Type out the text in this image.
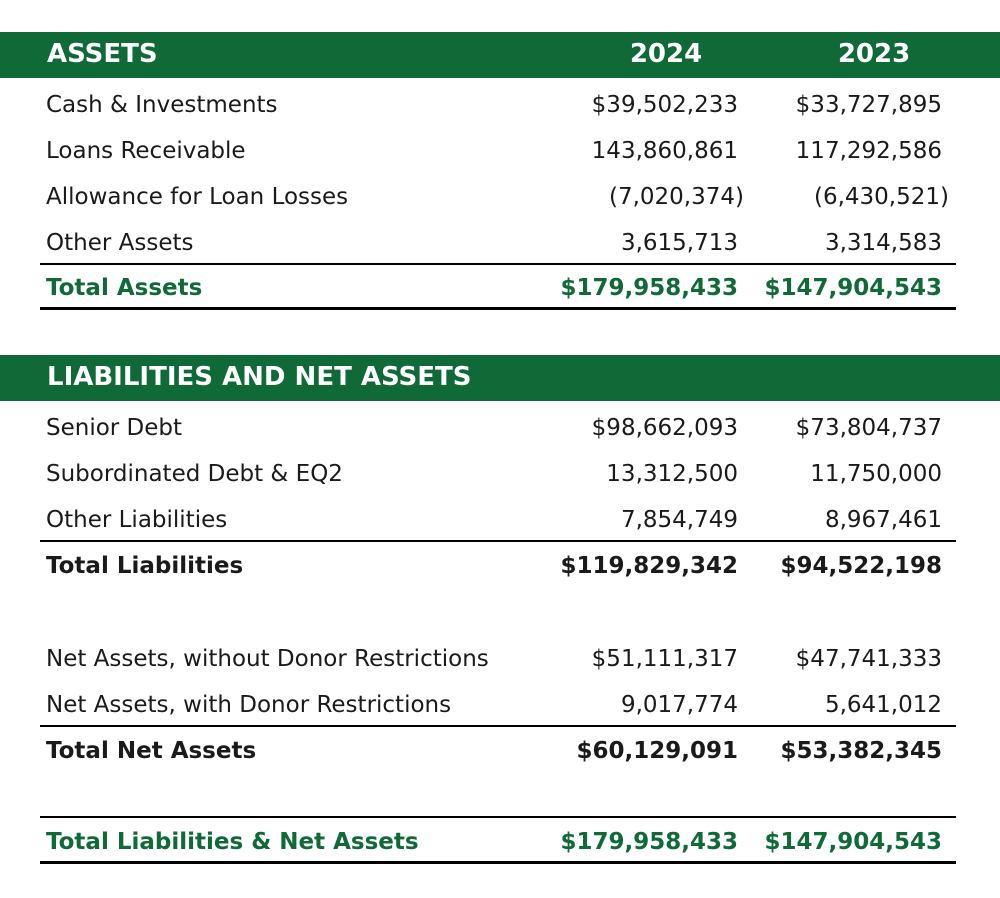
ASSETS	2024	2023
Cash & Investments	$39,502,233	$33,727,895
Loans Receivable	143,860,861	117,292,586
Allowance for Loan Losses	(7,020,374)	(6,430,521)
Other Assets	3,615,713	3,314,583
Total Assets	$179,958,433 $147,904,543
LIABILITIES AND NET ASSETS
Senior Debt	$98,662,093	$73,804,737
Subordinated Debt & EQ2	13,312,500	11,750,000
Other Liabilities	7,854,749	8,967,461
Total Liabilities	$119,829,342 $94,522,198
Net Assets, without Donor Restrictions	$51,111,317	$47,741,333
Net Assets, with Donor Restrictions	9,017,774	5,641,012
Total Net Assets	$60,129,091 $53,382,345
Total Liabilities & Net Assets	$179,958,433 $147,904,543
